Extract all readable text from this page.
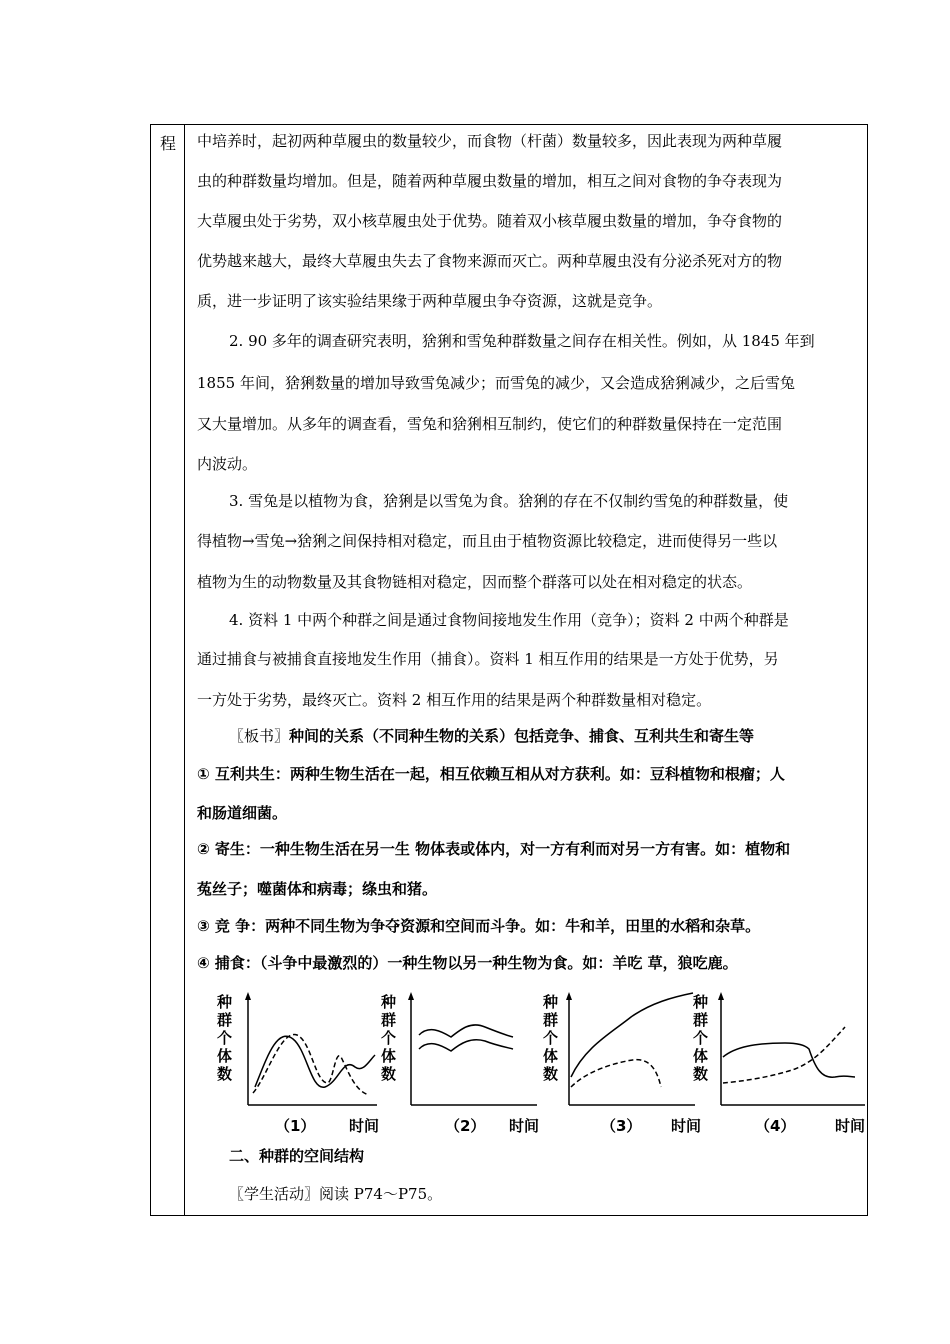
程 中培养时，起初两种草履虫的数量较少，而食物（杆菌）数量较多，因此表现为两种草履
虫的种群数量均增加。但是，随着两种草履虫数量的增加，相互之间对食物的争夺表现为
大草履虫处于劣势，双小核草履虫处于优势。随着双小核草履虫数量的增加，争夺食物的
优势越来越大，最终大草履虫失去了食物来源而灭亡。两种草履虫没有分泌杀死对方的物
质，进一步证明了该实验结果缘于两种草履虫争夺资源，这就是竞争。
2. 90 多年的调查研究表明，猞猁和雪兔种群数量之间存在相关性。例如，从 1845 年到
1855 年间，猞猁数量的增加导致雪兔减少；而雪兔的减少，又会造成猞猁减少，之后雪兔
又大量增加。从多年的调查看，雪兔和猞猁相互制约，使它们的种群数量保持在一定范围
内波动。
3. 雪兔是以植物为食，猞猁是以雪兔为食。猞猁的存在不仅制约雪兔的种群数量，使
得植物→雪兔→猞猁之间保持相对稳定，而且由于植物资源比较稳定，进而使得另一些以
植物为生的动物数量及其食物链相对稳定，因而整个群落可以处在相对稳定的状态。
4. 资料 1 中两个种群之间是通过食物间接地发生作用（竞争）；资料 2 中两个种群是
通过捕食与被捕食直接地发生作用（捕食）。资料 1 相互作用的结果是一方处于优势，另
一方处于劣势，最终灭亡。资料 2 相互作用的结果是两个种群数量相对稳定。
〖板书〗种间的关系（不同种生物的关系）包括竞争、捕食、互利共生和寄生等
① 互利共生：两种生物生活在一起，相互依赖互相从对方获利。如：豆科植物和根瘤；人
和肠道细菌。
② 寄生：一种生物生活在另一生 物体表或体内，对一方有利而对另一方有害。如：植物和
菟丝子；噬菌体和病毒；绦虫和猪。
③ 竞 争：两种不同生物为争夺资源和空间而斗争。如：牛和羊，田里的水稻和杂草。
④ 捕食：（斗争中最激烈的）一种生物以另一种生物为食。如：羊吃 草，狼吃鹿。
种
群
个
体
数
（1） 时间
种
群
个
体
数
（2） 时间
种
群
个
体
数
（3） 时间
种
群
个
体
数
（4）	时间
二、种群的空间结构
〖学生活动〗阅读 P74～P75。
